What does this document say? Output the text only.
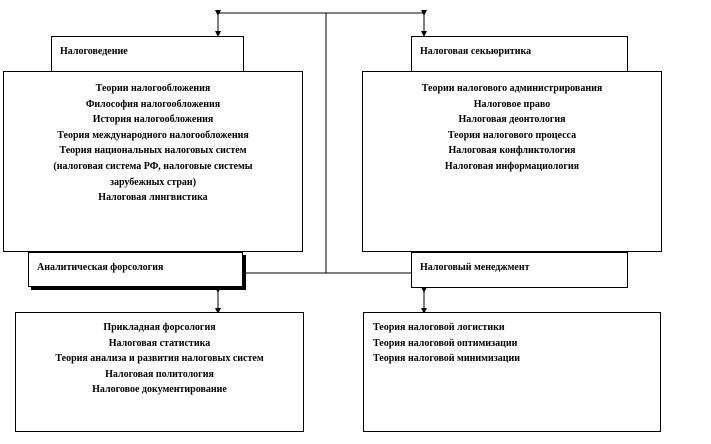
Теории налогообложения
Философия налогообложения
История налогообложения
Теория международного налогообложения
Теория национальных налоговых систем
(налоговая система РФ, налоговые системы
зарубежных стран)
Налоговая лингвистика
Налоговедение
Теории налогового администрирования
Налоговое право
Налоговая деонтология
Теория налогового процесса
Налоговая конфликтология
Налоговая информациология
Налоговая секьюритика
Аналитическая форсология	Налоговый менеджмент
Прикладная форсология
Налоговая статистика
Теория анализа и развития налоговых систем
Налоговая политология
Налоговое документирование
Теория налоговой логистики
Теория налоговой оптимизации
Теория налоговой минимизации
